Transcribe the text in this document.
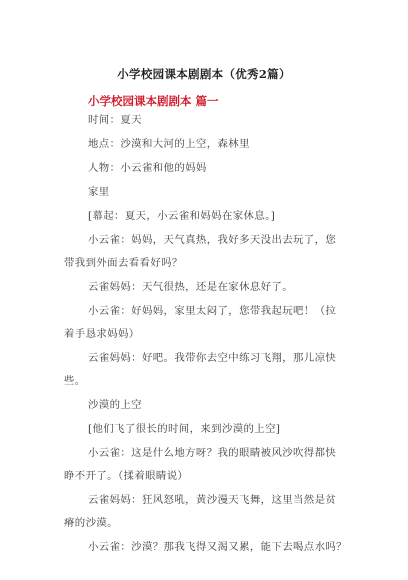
小学校园课本剧剧本（优秀2篇）
小学校园课本剧剧本 篇一
时间：夏天
地点：沙漠和大河的上空，森林里
人物：小云雀和他的妈妈
家里
[幕起：夏天，小云雀和妈妈在家休息。]
小云雀：妈妈，天气真热，我好多天没出去玩了，您
带我到外面去看看好吗？
云雀妈妈：天气很热，还是在家休息好了。
小云雀：好妈妈，家里太闷了，您带我起玩吧！（拉
着手恳求妈妈）
云雀妈妈：好吧。我带你去空中练习飞翔，那儿凉快
些。
沙漠的上空
[他们飞了很长的时间，来到沙漠的上空]
小云雀：这是什么地方呀？我的眼睛被风沙吹得都快
睁不开了。（揉着眼睛说）
云雀妈妈：狂风怒吼，黄沙漫天飞舞，这里当然是贫
瘠的沙漠。
小云雀：沙漠？那我飞得又渴又累，能下去喝点水吗？
